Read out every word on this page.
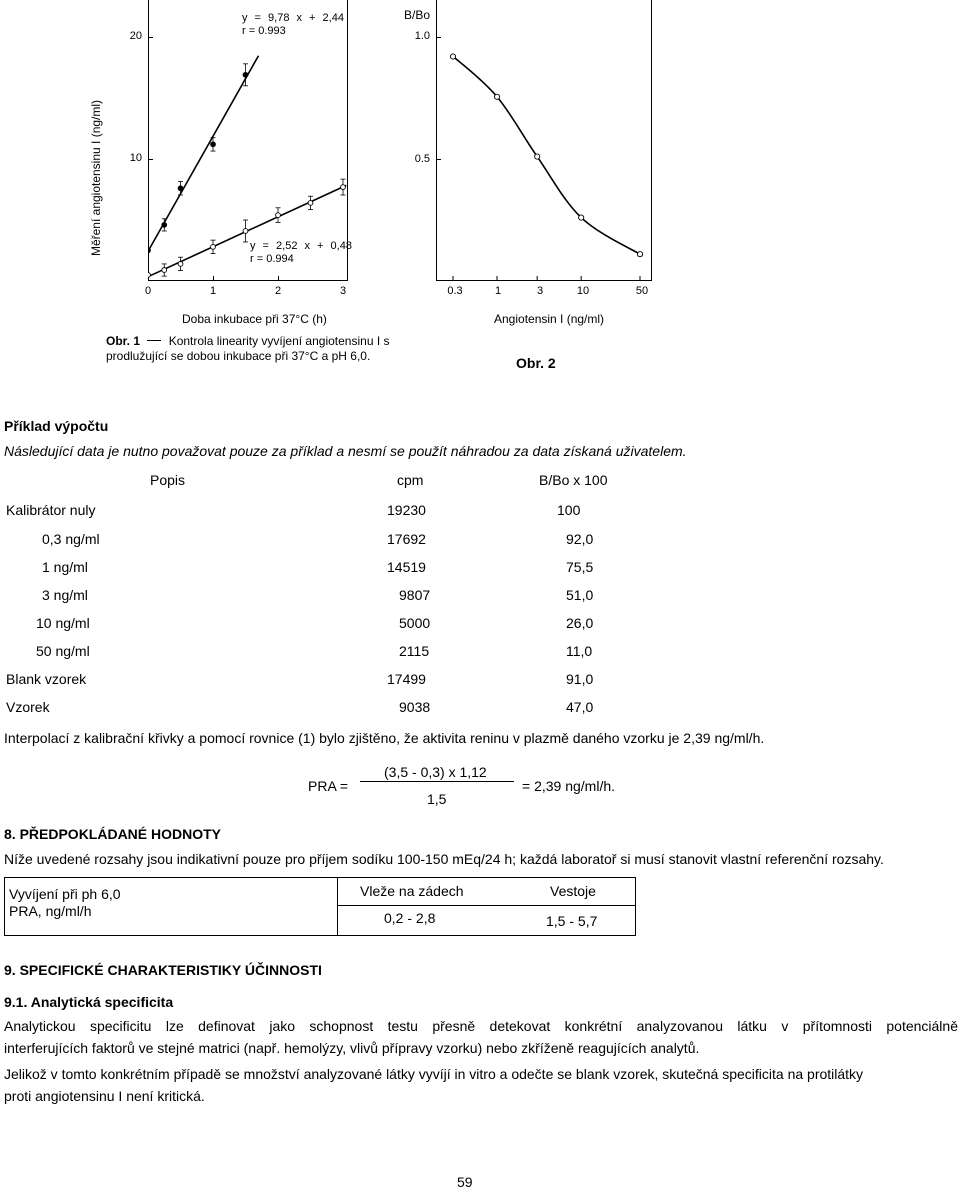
Měření angiotensinu I (ng/ml)
20
10
y = 9,78 x + 2,44
r = 0.993
y = 2,52 x + 0,48
r = 0.994
0	1	2	3
Doba inkubace při 37°C (h)
Obr. 1 Kontrola linearity vyvíjení angiotensinu I s prodlužující se dobou inkubace při 37°C a pH 6,0.
B/Bo
1.0
0.5
0.3	1	3	10	50
Angiotensin I (ng/ml)
Obr. 2
Příklad výpočtu
Následující data je nutno považovat pouze za příklad a nesmí se použít náhradou za data získaná uživatelem.
Popis	cpm	B/Bo x 100
Kalibrátor nuly	19230	100
0,3 ng/ml	17692	92,0
1 ng/ml	14519	75,5
3 ng/ml	9807	51,0
10 ng/ml	5000	26,0
50 ng/ml	2115	11,0
Blank vzorek	17499	91,0
Vzorek	9038	47,0
Interpolací z kalibrační křivky a pomocí rovnice (1) bylo zjištěno, že aktivita reninu v plazmě daného vzorku je 2,39 ng/ml/h.
PRA =
(3,5 - 0,3) x 1,12
1,5
= 2,39 ng/ml/h.
8. PŘEDPOKLÁDANÉ HODNOTY
Níže uvedené rozsahy jsou indikativní pouze pro příjem sodíku 100-150 mEq/24 h; každá laboratoř si musí stanovit vlastní referenční rozsahy.
Vyvíjení při ph 6,0
PRA, ng/ml/h
Vleže na zádech	Vestoje
0,2 - 2,8	1,5 - 5,7
9. SPECIFICKÉ CHARAKTERISTIKY ÚČINNOSTI
9.1. Analytická specificita
Analytickou specificitu lze definovat jako schopnost testu přesně detekovat konkrétní analyzovanou látku v přítomnosti potenciálně
interferujících faktorů ve stejné matrici (např. hemolýzy, vlivů přípravy vzorku) nebo zkříženě reagujících analytů.
Jelikož v tomto konkrétním případě se množství analyzované látky vyvíjí in vitro a odečte se blank vzorek, skutečná specificita na protilátky
proti angiotensinu I není kritická.
59
